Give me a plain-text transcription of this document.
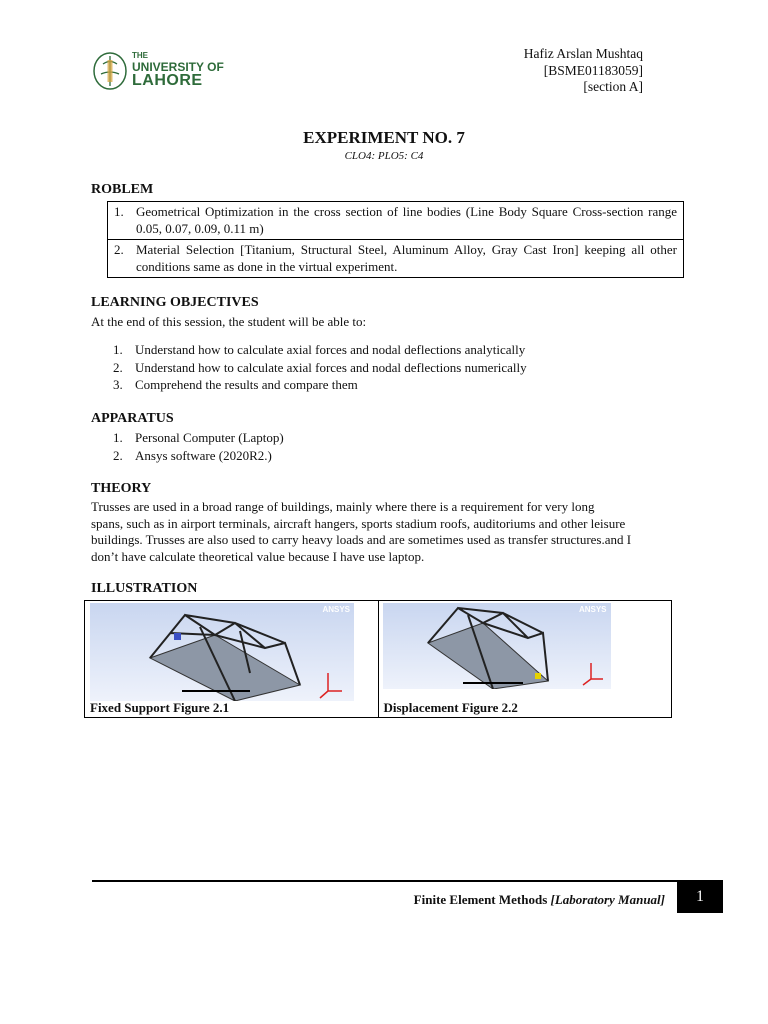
THE
UNIVERSITY OF
LAHORE
Hafiz Arslan Mushtaq
[BSME01183059]
[section A]
EXPERIMENT NO. 7
CLO4: PLO5: C4
ROBLEM
1. Geometrical Optimization in the cross section of line bodies (Line Body Square Cross-section range 0.05, 0.07, 0.09, 0.11 m)
2. Material Selection [Titanium, Structural Steel, Aluminum Alloy, Gray Cast Iron] keeping all other conditions same as done in the virtual experiment.
LEARNING OBJECTIVES
At the end of this session, the student will be able to:
1. Understand how to calculate axial forces and nodal deflections analytically
2. Understand how to calculate axial forces and nodal deflections numerically
3. Comprehend the results and compare them
APPARATUS
1. Personal Computer (Laptop)
2. Ansys software (2020R2.)
THEORY
Trusses are used in a broad range of buildings, mainly where there is a requirement for very long
spans, such as in airport terminals, aircraft hangers, sports stadium roofs, auditoriums and other leisure
buildings. Trusses are also used to carry heavy loads and are sometimes used as transfer structures.and I
don’t have calculate theoretical value because I have use laptop.
ILLUSTRATION
ANSYS
Fixed Support Figure 2.1
ANSYS
Displacement Figure 2.2
Finite Element Methods [Laboratory Manual]	1
